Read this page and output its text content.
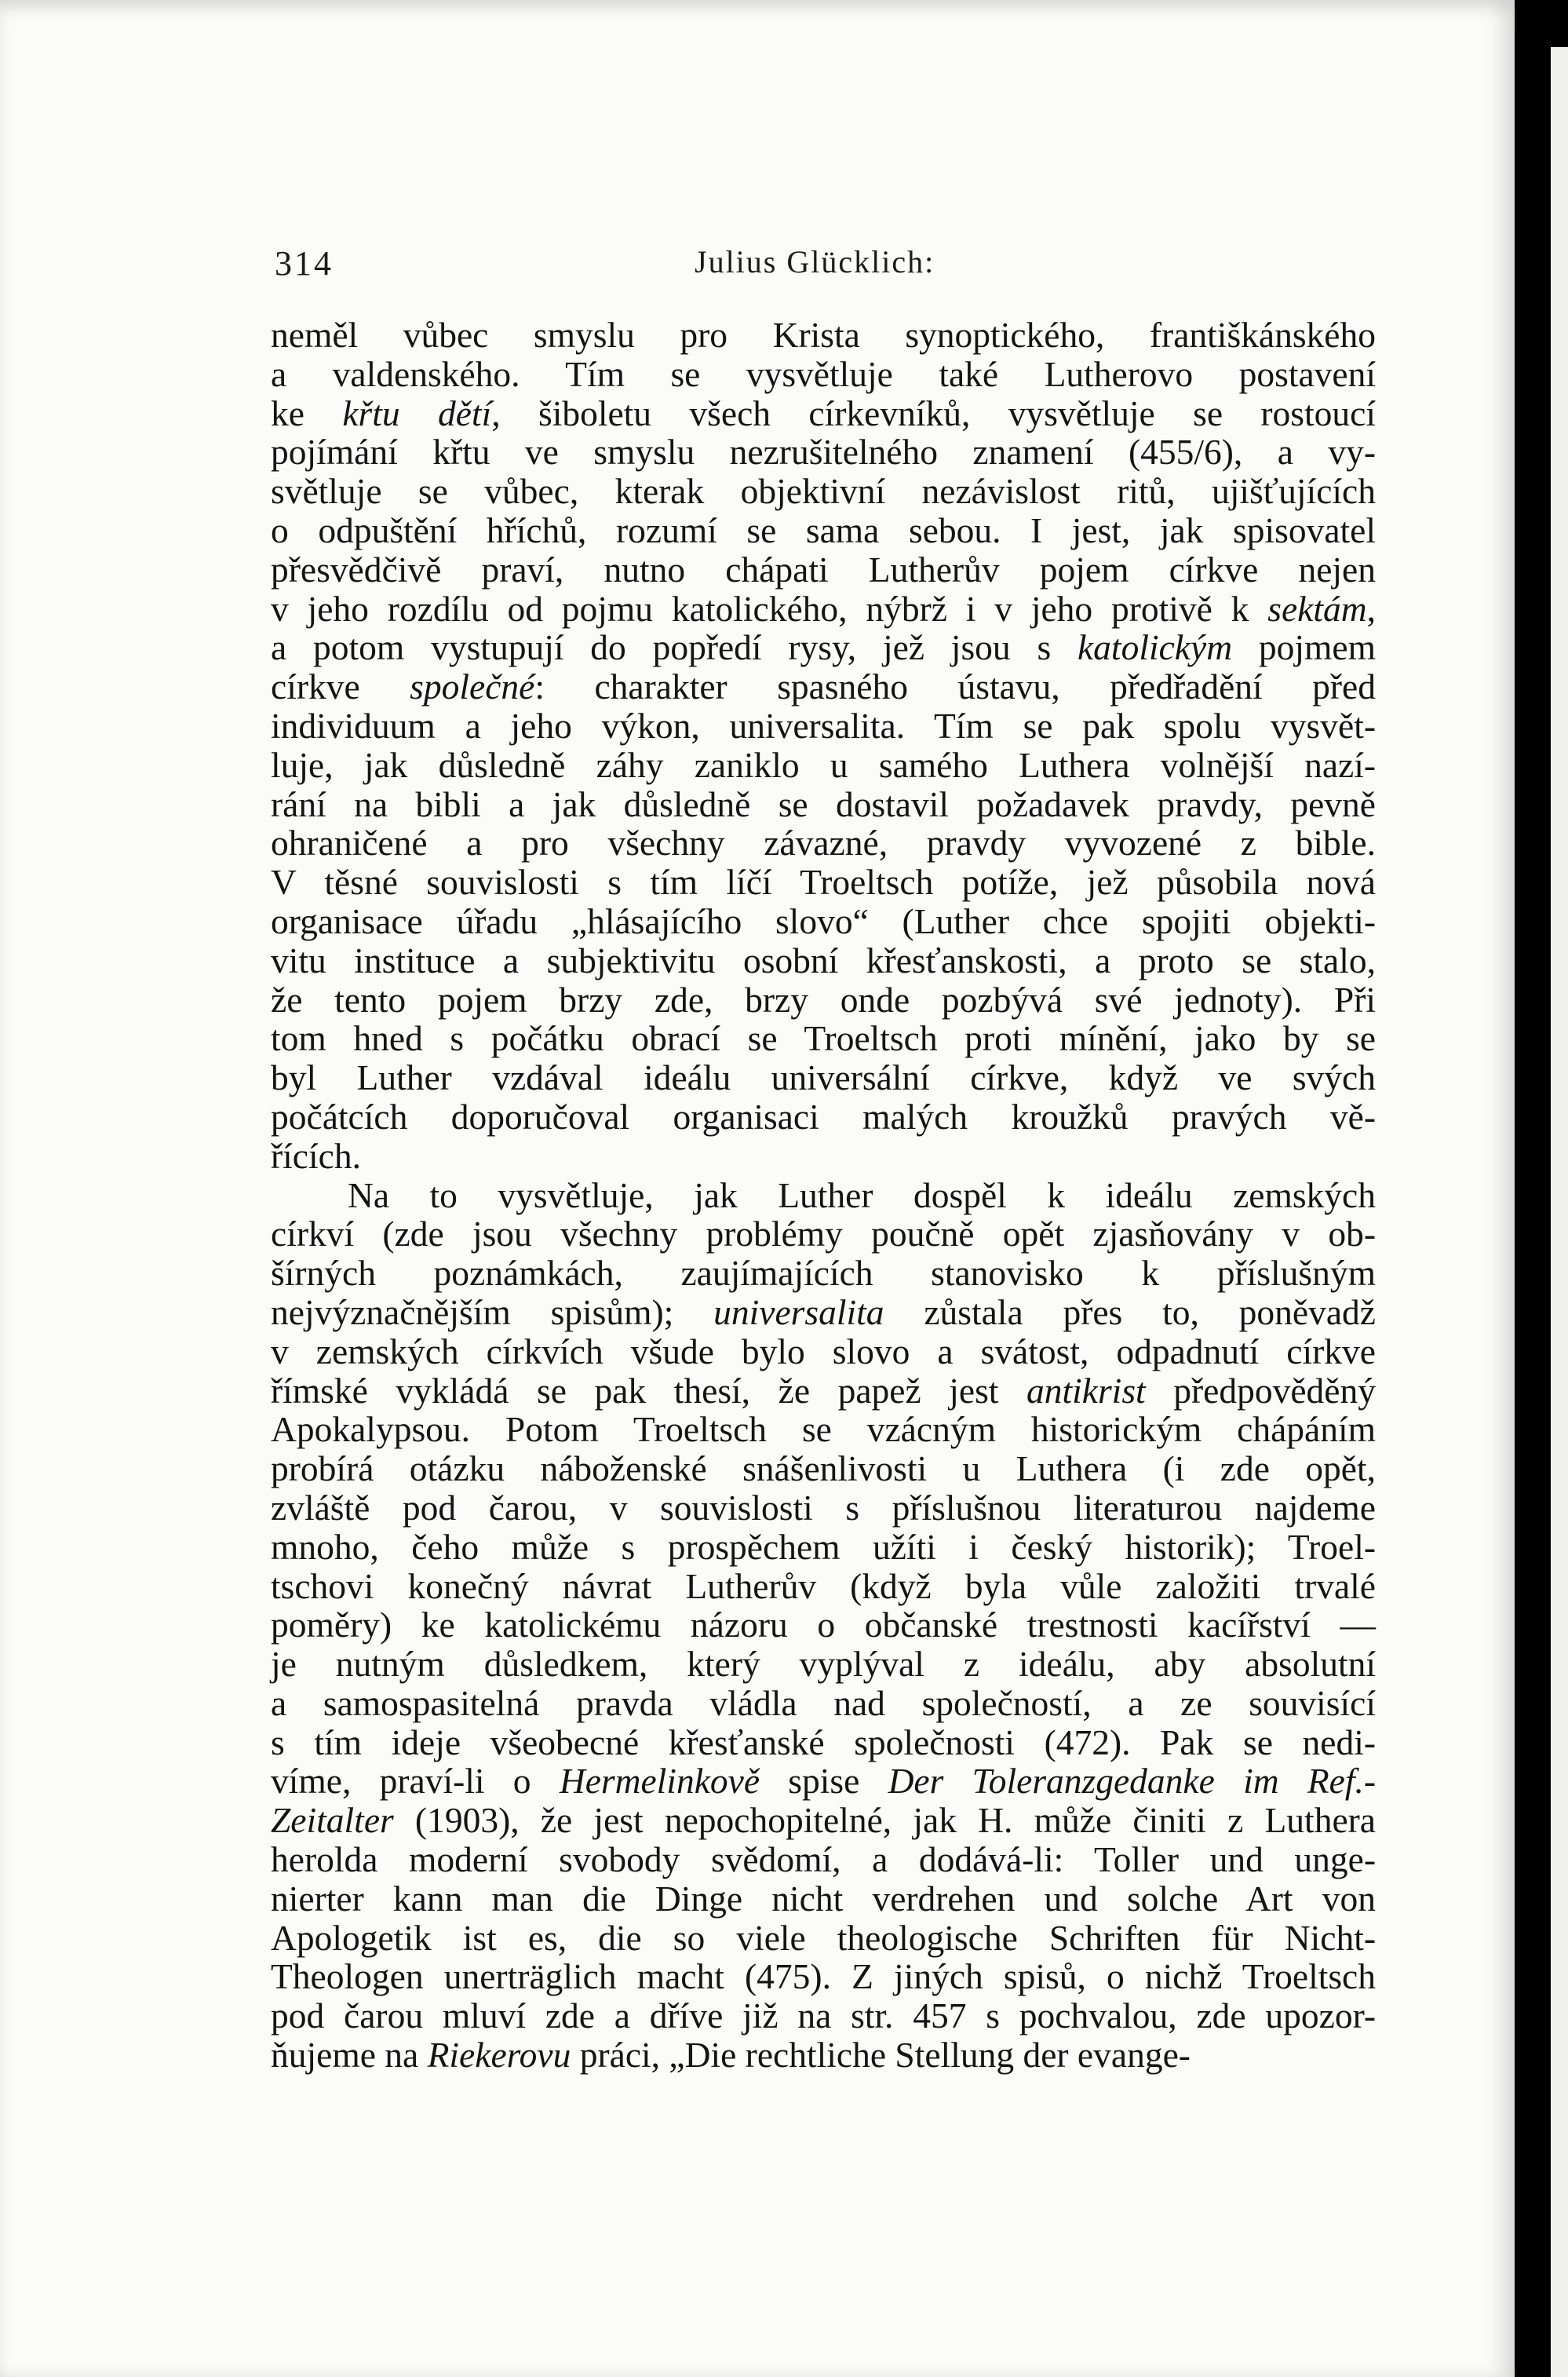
314	Julius Glücklich:
neměl vůbec smyslu pro Krista synoptického, františkánského
a valdenského. Tím se vysvětluje také Lutherovo postavení
ke křtu dětí, šiboletu všech církevníků, vysvětluje se rostoucí
pojímání křtu ve smyslu nezrušitelného znamení (455/6), a vy-
světluje se vůbec, kterak objektivní nezávislost ritů, ujišťujících
o odpuštění hříchů, rozumí se sama sebou. I jest, jak spisovatel
přesvědčivě praví, nutno chápati Lutherův pojem církve nejen
v jeho rozdílu od pojmu katolického, nýbrž i v jeho protivě k sektám,
a potom vystupují do popředí rysy, jež jsou s katolickým pojmem
církve společné: charakter spasného ústavu, předřadění před
individuum a jeho výkon, universalita. Tím se pak spolu vysvět-
luje, jak důsledně záhy zaniklo u samého Luthera volnější nazí-
rání na bibli a jak důsledně se dostavil požadavek pravdy, pevně
ohraničené a pro všechny závazné, pravdy vyvozené z bible.
V těsné souvislosti s tím líčí Troeltsch potíže, jež působila nová
organisace úřadu „hlásajícího slovo“ (Luther chce spojiti objekti-
vitu instituce a subjektivitu osobní křesťanskosti, a proto se stalo,
že tento pojem brzy zde, brzy onde pozbývá své jednoty). Při
tom hned s počátku obrací se Troeltsch proti mínění, jako by se
byl Luther vzdával ideálu universální církve, když ve svých
počátcích doporučoval organisaci malých kroužků pravých vě-
řících.
Na to vysvětluje, jak Luther dospěl k ideálu zemských
církví (zde jsou všechny problémy poučně opět zjasňovány v ob-
šírných poznámkách, zaujímajících stanovisko k příslušným
nejvýznačnějším spisům); universalita zůstala přes to, poněvadž
v zemských církvích všude bylo slovo a svátost, odpadnutí církve
římské vykládá se pak thesí, že papež jest antikrist předpověděný
Apokalypsou. Potom Troeltsch se vzácným historickým chápáním
probírá otázku náboženské snášenlivosti u Luthera (i zde opět,
zvláště pod čarou, v souvislosti s příslušnou literaturou najdeme
mnoho, čeho může s prospěchem užíti i český historik); Troel-
tschovi konečný návrat Lutherův (když byla vůle založiti trvalé
poměry) ke katolickému názoru o občanské trestnosti kacířství —
je nutným důsledkem, který vyplýval z ideálu, aby absolutní
a samospasitelná pravda vládla nad společností, a ze souvisící
s tím ideje všeobecné křesťanské společnosti (472). Pak se nedi-
víme, praví-li o Hermelinkově spise Der Toleranzgedanke im Ref.-
Zeitalter (1903), že jest nepochopitelné, jak H. může činiti z Luthera
herolda moderní svobody svědomí, a dodává-li: Toller und unge-
nierter kann man die Dinge nicht verdrehen und solche Art von
Apologetik ist es, die so viele theologische Schriften für Nicht-
Theologen unerträglich macht (475). Z jiných spisů, o nichž Troeltsch
pod čarou mluví zde a dříve již na str. 457 s pochvalou, zde upozor-
ňujeme na Riekerovu práci, „Die rechtliche Stellung der evange-
